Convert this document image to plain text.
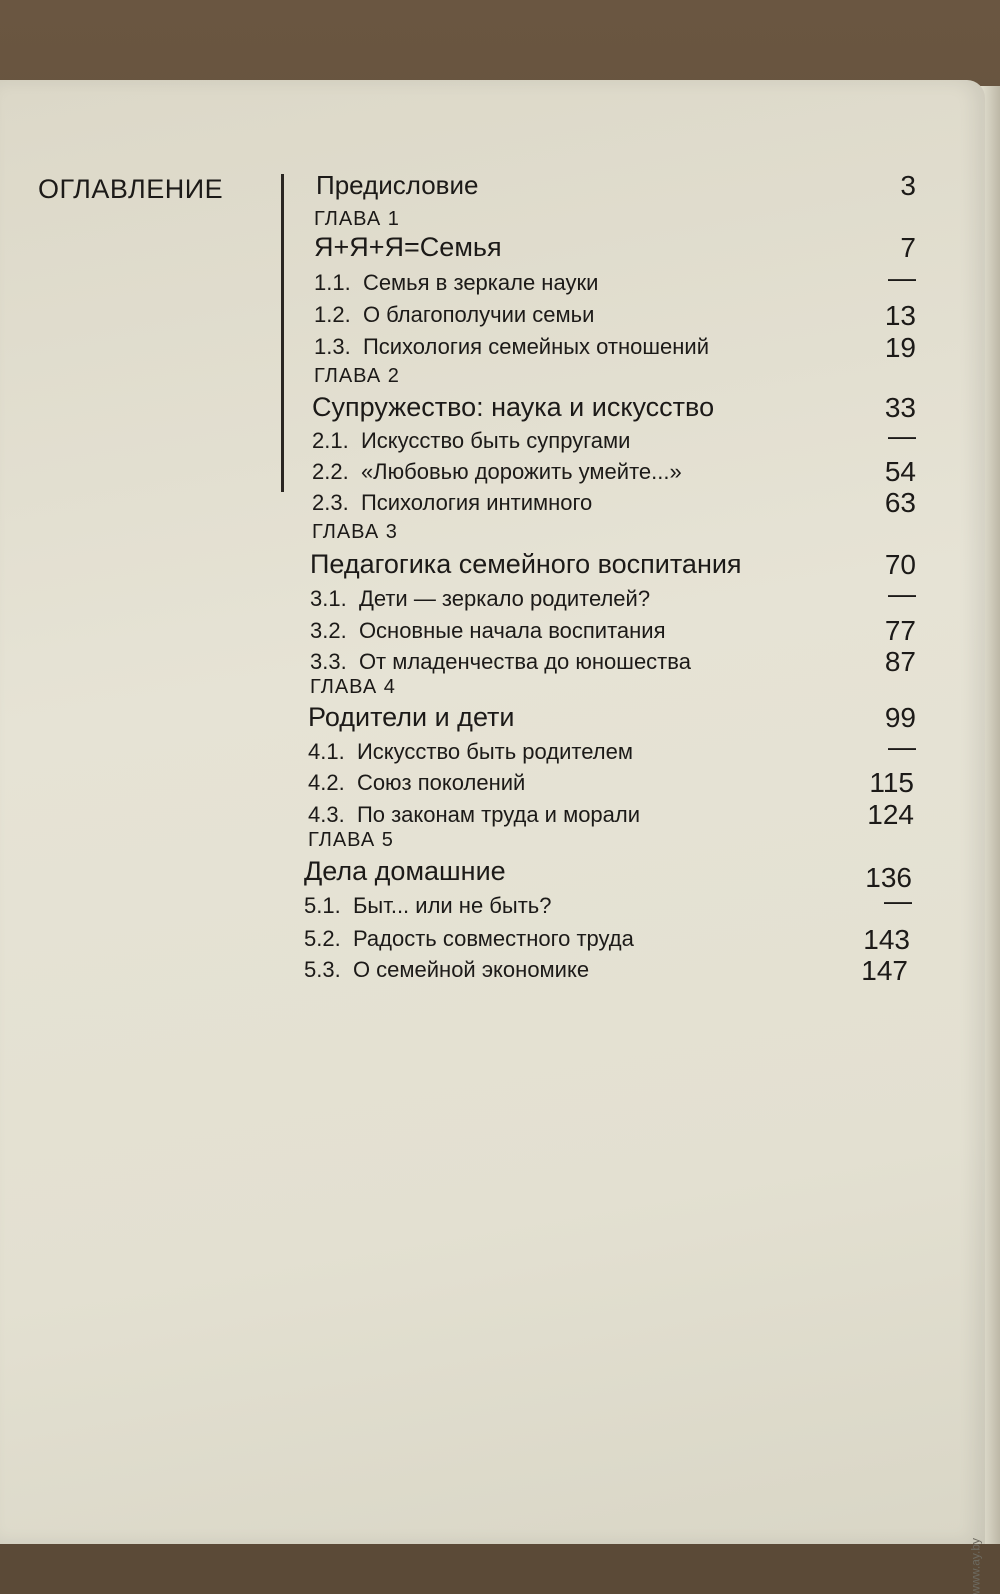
ОГЛАВЛЕНИЕ	Предисловие	3
ГЛАВА 1
Я+Я+Я=Семья	7
1.1. Семья в зеркале науки	—
1.2. О благополучии семьи	13
1.3. Психология семейных отношений	19
ГЛАВА 2
Супружество: наука и искусство	33
2.1. Искусство быть супругами	—
2.2. «Любовью дорожить умейте...»	54
2.3. Психология интимного	63
ГЛАВА 3
Педагогика семейного воспитания	70
3.1. Дети — зеркало родителей?	—
3.2. Основные начала воспитания	77
3.3. От младенчества до юношества	87
ГЛАВА 4
Родители и дети	99
4.1. Искусство быть родителем	—
4.2. Союз поколений	115
4.3. По законам труда и морали	124
ГЛАВА 5
Дела домашние	136
5.1. Быт... или не быть?	—
5.2. Радость совместного труда	143
5.3. О семейной экономике	147
www.ay.by
